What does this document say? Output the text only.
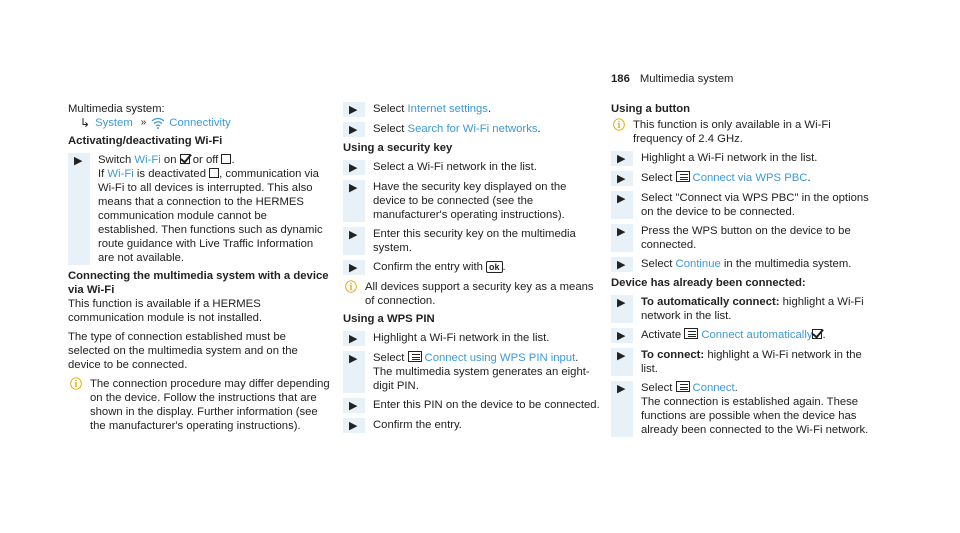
186 Multimedia system

Multimedia system:

↳ System » Connectivity

Activating/deactivating Wi-Fi

▶	Switch Wi-Fi on  or off .

If Wi-Fi is deactivated , communication via Wi-Fi to all devices is interrupted. This also means that a connection to the HERMES communication module cannot be established. Then functions such as dynamic route guidance with Live Traffic Information are not available.

Connecting the multimedia system with a device via Wi-Fi

This function is available if a HERMES communication module is not installed.

The type of connection established must be selected on the multimedia system and on the device to be connected.

ⓘ The connection procedure may differ depending on the device. Follow the instructions that are shown in the display. Further information (see the manufacturer's operating instructions).
▶	Select Internet settings.
▶	Select Search for Wi-Fi networks.

Using a security key

▶	Select a Wi-Fi network in the list.
▶	Have the security key displayed on the device to be connected (see the manufacturer's operating instructions).
▶	Enter this security key on the multimedia system.
▶	Confirm the entry with ok .
ⓘ All devices support a security key as a means of connection.

Using a WPS PIN

▶	Highlight a Wi-Fi network in the list.
▶	Select Connect using WPS PIN input.

The multimedia system generates an eight-digit PIN.

▶	Enter this PIN on the device to be connected.
▶	Confirm the entry.

Using a button

ⓘ This function is only available in a Wi-Fi frequency of 2.4 GHz.
▶	Highlight a Wi-Fi network in the list.
▶	Select Connect via WPS PBC.
▶	Select "Connect via WPS PBC" in the options on the device to be connected.
▶	Press the WPS button on the device to be connected.
▶	Select Continue in the multimedia system.

Device has already been connected:

▶	To automatically connect: highlight a Wi-Fi network in the list.
▶	Activate Connect automatically .
▶	To connect: highlight a Wi-Fi network in the list.
▶	Select Connect.

The connection is established again. These functions are possible when the device has already been connected to the Wi-Fi network.
